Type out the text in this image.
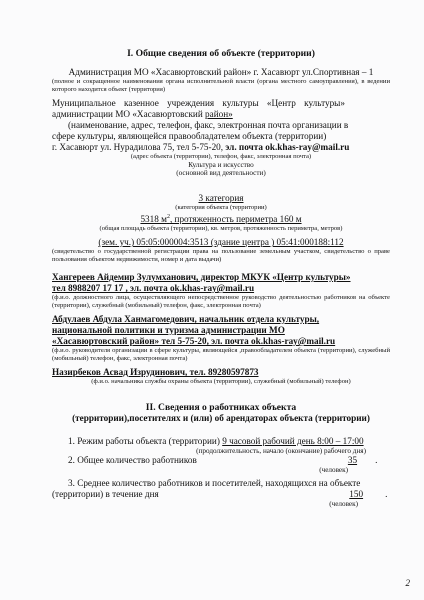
I. Общие сведения об объекте (территории)
Администрация МО «Хасавюртовский район» г. Хасавюрт ул.Спортивная – 1
(полное и сокращенное наименования органа исполнительной власти (органа местного самоуправления), в ведении которого находится объект (территория)
Муниципальное казенное учреждения культуры «Центр культуры»
администрации МО «Хасавюртовский район»
(наименование, адрес, телефон, факс, электронная почта организации в
сфере культуры, являющейся правообладателем объекта (территории)
г. Хасавюрт ул. Нурадилова 75, тел 5-75-20, эл. почта ok.khas-ray@mail.ru
(адрес объекта (территории), телефон, факс, электронная почта)
Культура и искусство
(основной вид деятельности)
3 категория
(категория объекта (территории)
5318 $м^2$, протяженность периметра 160 м
(общая площадь объекта (территории), кв. метров, протяженность периметра, метров)
(зем. уч.) 05:05:000004:3513 (здание центра ) 05:41:000188:112
(свидетельство о государственной регистрации права на пользование земельным участком, свидетельство о праве пользования объектом недвижимости, номер и дата выдачи)
Хангереев Айдемир Зулумханович, директор МКУК «Центр культуры»
тел 8988207 17 17 , эл. почта ok.khas-ray@mail.ru
(ф.и.о. должностного лица, осуществляющего непосредственное руководство деятельностью работников на объекте (территории), служебный (мобильный) телефон, факс, электронная почта)
Абдулаев Абдула Ханмагомедович, начальник отдела культуры,
национальной политики и туризма администрации МО
«Хасавюртовский район» тел 5-75-20, эл. почта ok.khas-ray@mail.ru
(ф.и.о. руководителя организации в сфере культуры, являющейся ,правообладателем объекта (территории), служебный (мобильный) телефон, факс, электронная почта)
Назирбеков Асвад Изрудинович, тел. 89280597873
(ф.и.о. начальника службы охраны объекта (территории), служебный (мобильный) телефон)
II. Сведения о работниках объекта
(территории),посетителях и (или) об арендаторах объекта (территории)
1. Режим работы объекта (территории) 9 часовой рабочий день 8:00 – 17:00
(продолжительность, начало (окончание) рабочего дня)
2. Общее количество работников	35 .
(человек)
3. Среднее количество работников и посетителей, находящихся на объекте
(территории) в течение дня	150 .
(человек)
2
